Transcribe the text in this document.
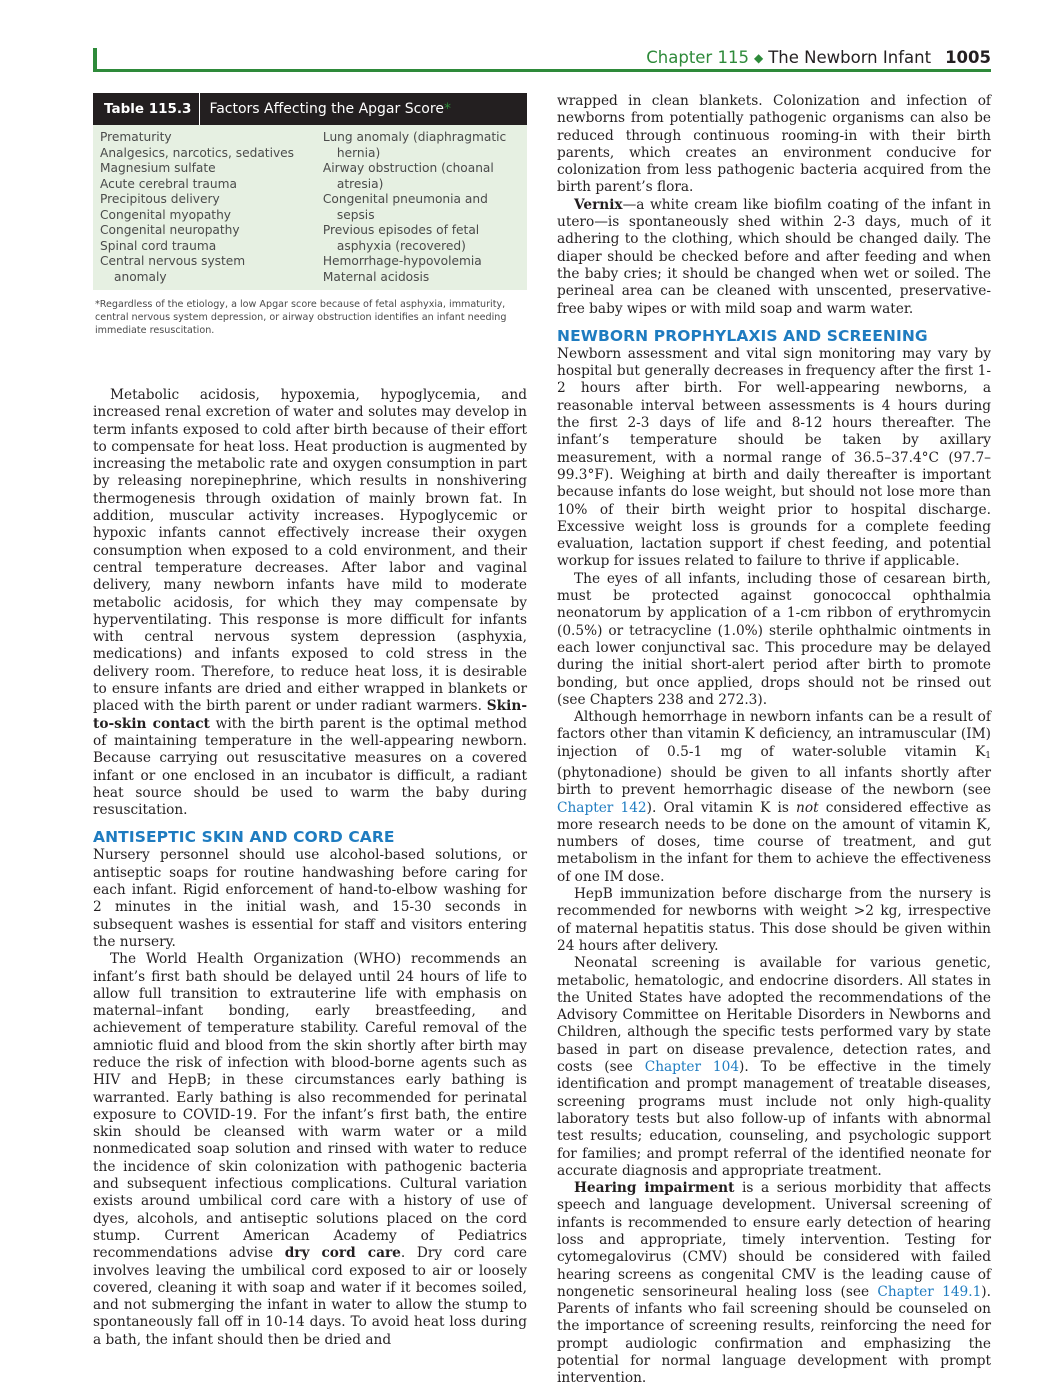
Chapter 115 ◆ The Newborn Infant 1005
Table 115.3	Factors Affecting the Apgar Score*
Prematurity
Analgesics, narcotics, sedatives
Magnesium sulfate
Acute cerebral trauma
Precipitous delivery
Congenital myopathy
Congenital neuropathy
Spinal cord trauma
Central nervous system
anomaly
Lung anomaly (diaphragmatic
hernia)
Airway obstruction (choanal
atresia)
Congenital pneumonia and
sepsis
Previous episodes of fetal
asphyxia (recovered)
Hemorrhage-hypovolemia
Maternal acidosis
*Regardless of the etiology, a low Apgar score because of fetal asphyxia, immaturity, central nervous system depression, or airway obstruction identifies an infant needing immediate resuscitation.

Metabolic acidosis, hypoxemia, hypoglycemia, and increased renal excretion of water and solutes may develop in term infants exposed to cold after birth because of their effort to compensate for heat loss. Heat production is augmented by increasing the metabolic rate and oxygen consumption in part by releasing norepinephrine, which results in nonshivering thermogenesis through oxidation of mainly brown fat. In addition, muscular activity increases. Hypoglycemic or hypoxic infants cannot effectively increase their oxygen consumption when exposed to a cold environment, and their central temperature decreases. After labor and vaginal delivery, many newborn infants have mild to moderate metabolic acidosis, for which they may compensate by hyperventilating. This response is more difficult for infants with central nervous system depression (asphyxia, medications) and infants exposed to cold stress in the delivery room. Therefore, to reduce heat loss, it is desirable to ensure infants are dried and either wrapped in blankets or placed with the birth parent or under radiant warmers. Skin-to-skin contact with the birth parent is the optimal method of maintaining temperature in the well-appearing newborn. Because carrying out resuscitative measures on a covered infant or one enclosed in an incubator is difficult, a radiant heat source should be used to warm the baby during resuscitation.

ANTISEPTIC SKIN AND CORD CARE

Nursery personnel should use alcohol-based solutions, or antiseptic soaps for routine handwashing before caring for each infant. Rigid enforcement of hand-to-elbow washing for 2 minutes in the initial wash, and 15-30 seconds in subsequent washes is essential for staff and visitors entering the nursery.

The World Health Organization (WHO) recommends an infant’s first bath should be delayed until 24 hours of life to allow full transition to extrauterine life with emphasis on maternal–infant bonding, early breastfeeding, and achievement of temperature stability. Careful removal of the amniotic fluid and blood from the skin shortly after birth may reduce the risk of infection with blood-borne agents such as HIV and HepB; in these circumstances early bathing is warranted. Early bathing is also recommended for perinatal exposure to COVID-19. For the infant’s first bath, the entire skin should be cleansed with warm water or a mild nonmedicated soap solution and rinsed with water to reduce the incidence of skin colonization with pathogenic bacteria and subsequent infectious complications. Cultural variation exists around umbilical cord care with a history of use of dyes, alcohols, and antiseptic solutions placed on the cord stump. Current American Academy of Pediatrics recommendations advise dry cord care. Dry cord care involves leaving the umbilical cord exposed to air or loosely covered, cleaning it with soap and water if it becomes soiled, and not submerging the infant in water to allow the stump to spontaneously fall off in 10-14 days. To avoid heat loss during a bath, the infant should then be dried and

wrapped in clean blankets. Colonization and infection of newborns from potentially pathogenic organisms can also be reduced through continuous rooming-in with their birth parents, which creates an environment conducive for colonization from less pathogenic bacteria acquired from the birth parent’s flora.

Vernix—a white cream like biofilm coating of the infant in utero—is spontaneously shed within 2-3 days, much of it adhering to the clothing, which should be changed daily. The diaper should be checked before and after feeding and when the baby cries; it should be changed when wet or soiled. The perineal area can be cleaned with unscented, preservative-free baby wipes or with mild soap and warm water.

NEWBORN PROPHYLAXIS AND SCREENING

Newborn assessment and vital sign monitoring may vary by hospital but generally decreases in frequency after the first 1-2 hours after birth. For well-appearing newborns, a reasonable interval between assessments is 4 hours during the first 2-3 days of life and 8-12 hours thereafter. The infant’s temperature should be taken by axillary measurement, with a normal range of 36.5–37.4°C (97.7–99.3°F). Weighing at birth and daily thereafter is important because infants do lose weight, but should not lose more than 10% of their birth weight prior to hospital discharge. Excessive weight loss is grounds for a complete feeding evaluation, lactation support if chest feeding, and potential workup for issues related to failure to thrive if applicable.

The eyes of all infants, including those of cesarean birth, must be protected against gonococcal ophthalmia neonatorum by application of a 1-cm ribbon of erythromycin (0.5%) or tetracycline (1.0%) sterile ophthalmic ointments in each lower conjunctival sac. This procedure may be delayed during the initial short-alert period after birth to promote bonding, but once applied, drops should not be rinsed out (see Chapters 238 and 272.3).

Although hemorrhage in newborn infants can be a result of factors other than vitamin K deficiency, an intramuscular (IM) injection of 0.5-1 mg of water-soluble vitamin $K_1$ (phytonadione) should be given to all infants shortly after birth to prevent hemorrhagic disease of the newborn (see Chapter 142). Oral vitamin K is not considered effective as more research needs to be done on the amount of vitamin K, numbers of doses, time course of treatment, and gut metabolism in the infant for them to achieve the effectiveness of one IM dose.

HepB immunization before discharge from the nursery is recommended for newborns with weight >2 kg, irrespective of maternal hepatitis status. This dose should be given within 24 hours after delivery.

Neonatal screening is available for various genetic, metabolic, hematologic, and endocrine disorders. All states in the United States have adopted the recommendations of the Advisory Committee on Heritable Disorders in Newborns and Children, although the specific tests performed vary by state based in part on disease prevalence, detection rates, and costs (see Chapter 104). To be effective in the timely identification and prompt management of treatable diseases, screening programs must include not only high-quality laboratory tests but also follow-up of infants with abnormal test results; education, counseling, and psychologic support for families; and prompt referral of the identified neonate for accurate diagnosis and appropriate treatment.

Hearing impairment is a serious morbidity that affects speech and language development. Universal screening of infants is recommended to ensure early detection of hearing loss and appropriate, timely intervention. Testing for cytomegalovirus (CMV) should be considered with failed hearing screens as congenital CMV is the leading cause of nongenetic sensorineural healing loss (see Chapter 149.1). Parents of infants who fail screening should be counseled on the importance of screening results, reinforcing the need for prompt audiologic confirmation and emphasizing the potential for normal language development with prompt intervention.
